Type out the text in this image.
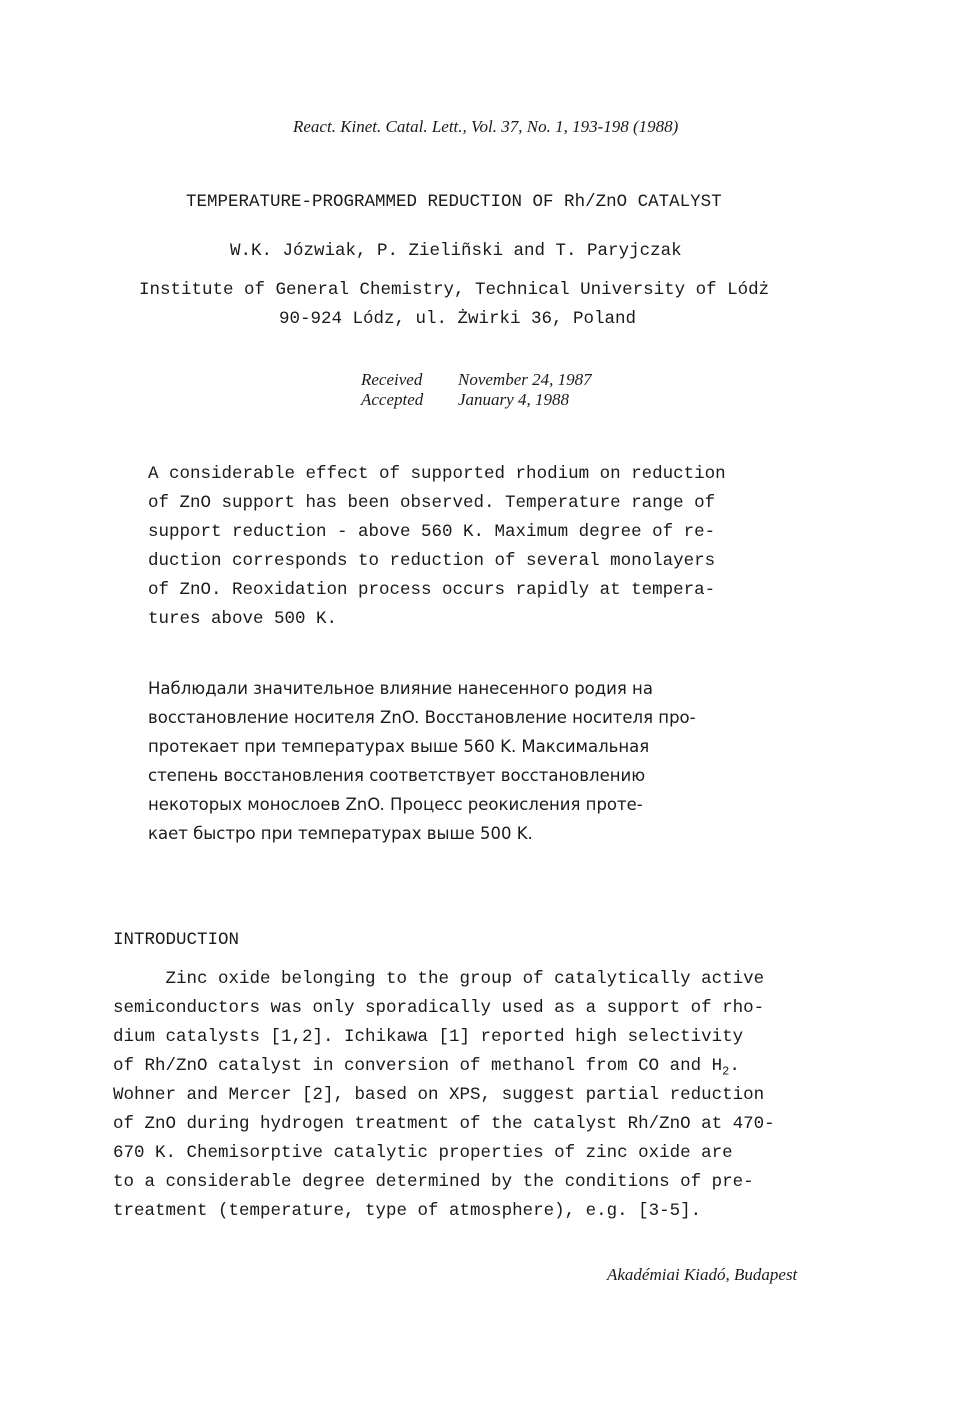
React. Kinet. Catal. Lett., Vol. 37, No. 1, 193-198 (1988)
TEMPERATURE-PROGRAMMED REDUCTION OF Rh/ZnO CATALYST
W.K. Józwiak, P. Zieliñski and T. Paryjczak
Institute of General Chemistry, Technical University of Lódż
90-924 Lódz, ul. Żwirki 36, Poland
Received November 24, 1987
Accepted January 4, 1988
A considerable effect of supported rhodium on reduction
of ZnO support has been observed. Temperature range of
support reduction - above 560 K. Maximum degree of re-
duction corresponds to reduction of several monolayers
of ZnO. Reoxidation process occurs rapidly at tempera-
tures above 500 K.
Наблюдали значительное влияние нанесенного родия на
восстановление носителя ZnO. Восстановление носителя про-
протекает при температурах выше 560 K. Максимальная
степень восстановления соответствует восстановлению
некоторых монослоев ZnO. Процесс реокисления проте-
кает быстро при температурах выше 500 K.
INTRODUCTION
Zinc oxide belonging to the group of catalytically active
semiconductors was only sporadically used as a support of rho-
dium catalysts [1,2]. Ichikawa [1] reported high selectivity
of Rh/ZnO catalyst in conversion of methanol from CO and $H_2$.
Wohner and Mercer [2], based on XPS, suggest partial reduction
of ZnO during hydrogen treatment of the catalyst Rh/ZnO at 470-
670 K. Chemisorptive catalytic properties of zinc oxide are
to a considerable degree determined by the conditions of pre-
treatment (temperature, type of atmosphere), e.g. [3-5].
Akadémiai Kiadó, Budapest
